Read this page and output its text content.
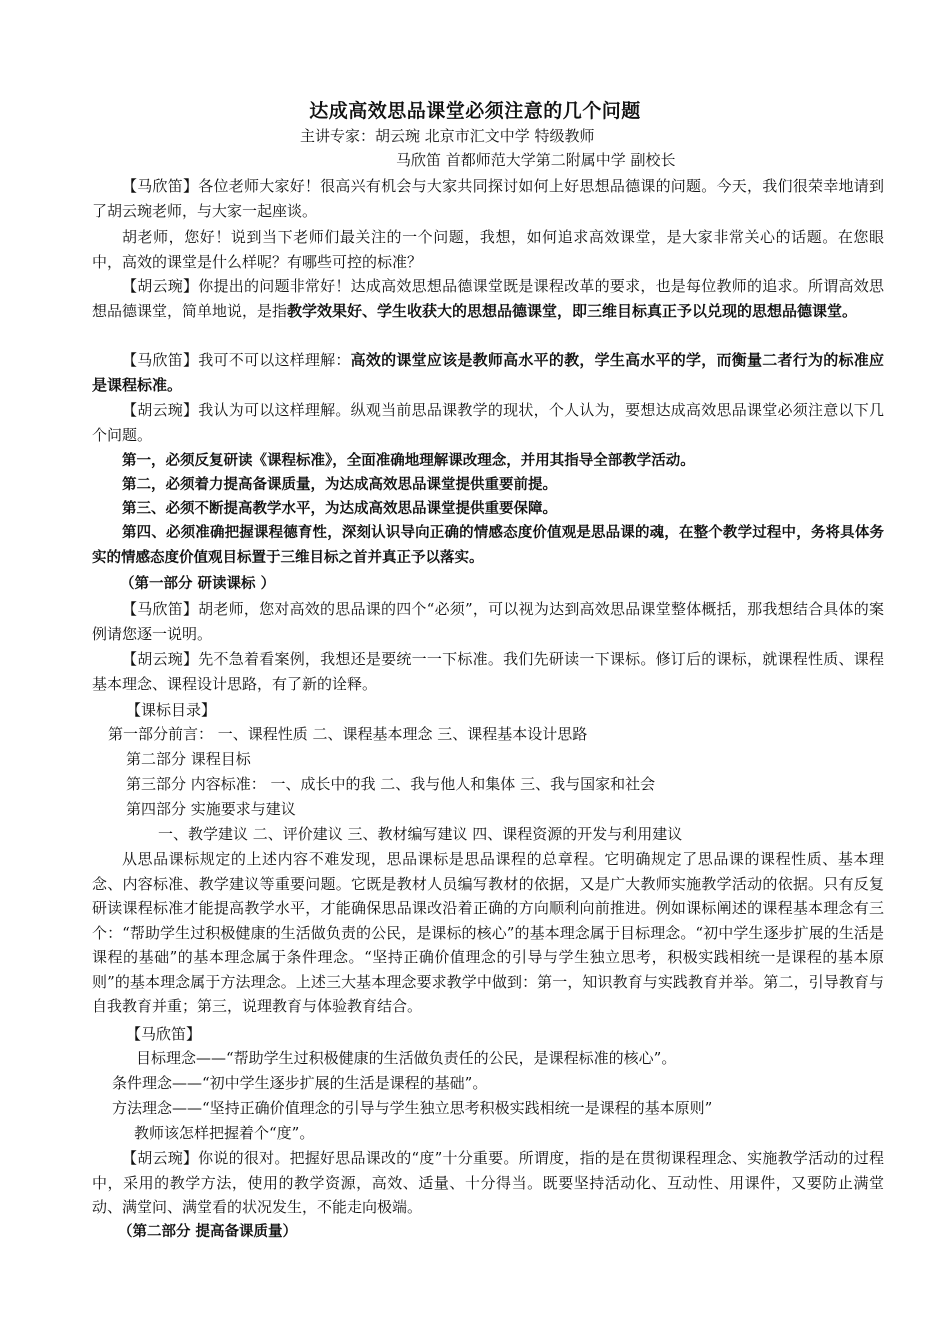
达成高效思品课堂必须注意的几个问题
主讲专家：胡云琬 北京市汇文中学 特级教师
马欣笛 首都师范大学第二附属中学 副校长
【马欣笛】各位老师大家好！很高兴有机会与大家共同探讨如何上好思想品德课的问题。今天，我们很荣幸地请到了胡云琬老师，与大家一起座谈。
胡老师，您好！说到当下老师们最关注的一个问题，我想，如何追求高效课堂，是大家非常关心的话题。在您眼中，高效的课堂是什么样呢？有哪些可控的标准？
【胡云琬】你提出的问题非常好！达成高效思想品德课堂既是课程改革的要求，也是每位教师的追求。所谓高效思想品德课堂，简单地说，是指教学效果好、学生收获大的思想品德课堂，即三维目标真正予以兑现的思想品德课堂。
【马欣笛】我可不可以这样理解：高效的课堂应该是教师高水平的教，学生高水平的学，而衡量二者行为的标准应是课程标准。
【胡云琬】我认为可以这样理解。纵观当前思品课教学的现状，个人认为，要想达成高效思品课堂必须注意以下几个问题。
第一，必须反复研读《课程标准》，全面准确地理解课改理念，并用其指导全部教学活动。
第二，必须着力提高备课质量，为达成高效思品课堂提供重要前提。
第三、必须不断提高教学水平，为达成高效思品课堂提供重要保障。
第四、必须准确把握课程德育性，深刻认识导向正确的情感态度价值观是思品课的魂，在整个教学过程中，务将具体务实的情感态度价值观目标置于三维目标之首并真正予以落实。
（第一部分 研读课标 ）
【马欣笛】胡老师，您对高效的思品课的四个“必须”，可以视为达到高效思品课堂整体概括，那我想结合具体的案例请您逐一说明。
【胡云琬】先不急着看案例，我想还是要统一一下标准。我们先研读一下课标。修订后的课标，就课程性质、课程基本理念、课程设计思路，有了新的诠释。
【课标目录】
第一部分前言： 一、课程性质 二、课程基本理念 三、课程基本设计思路
第二部分 课程目标
第三部分 内容标准： 一、成长中的我 二、我与他人和集体 三、我与国家和社会
第四部分 实施要求与建议
一、教学建议 二、评价建议 三、教材编写建议 四、课程资源的开发与利用建议
从思品课标规定的上述内容不难发现，思品课标是思品课程的总章程。它明确规定了思品课的课程性质、基本理念、内容标准、教学建议等重要问题。它既是教材人员编写教材的依据，又是广大教师实施教学活动的依据。只有反复研读课程标准才能提高教学水平，才能确保思品课改沿着正确的方向顺利向前推进。例如课标阐述的课程基本理念有三个：“帮助学生过积极健康的生活做负责的公民，是课标的核心”的基本理念属于目标理念。“初中学生逐步扩展的生活是课程的基础”的基本理念属于条件理念。“坚持正确价值理念的引导与学生独立思考，积极实践相统一是课程的基本原则”的基本理念属于方法理念。上述三大基本理念要求教学中做到：第一，知识教育与实践教育并举。第二，引导教育与自我教育并重；第三，说理教育与体验教育结合。
【马欣笛】
目标理念——“帮助学生过积极健康的生活做负责任的公民，是课程标准的核心”。
条件理念——“初中学生逐步扩展的生活是课程的基础”。
方法理念——“坚持正确价值理念的引导与学生独立思考积极实践相统一是课程的基本原则”
教师该怎样把握着个“度”。
【胡云琬】你说的很对。把握好思品课改的“度”十分重要。所谓度，指的是在贯彻课程理念、实施教学活动的过程中，采用的教学方法，使用的教学资源，高效、适量、十分得当。既要坚持活动化、互动性、用课件，又要防止满堂动、满堂问、满堂看的状况发生，不能走向极端。
（第二部分 提高备课质量）
